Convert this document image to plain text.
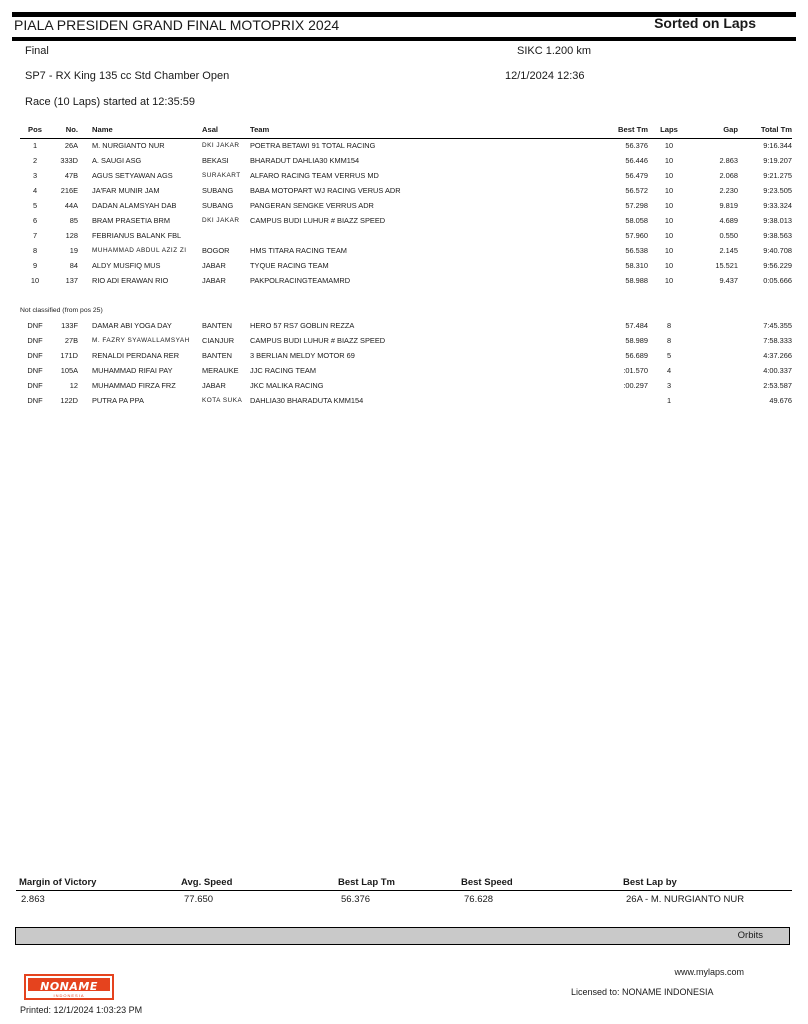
PIALA PRESIDEN GRAND FINAL MOTOPRIX 2024	Sorted on Laps
Final	SIKC 1.200 km
SP7 - RX King 135 cc Std Chamber Open	12/1/2024 12:36
Race (10 Laps) started at 12:35:59
Pos	No.	Name	Asal	Team	Best Tm	Laps	Gap	Total Tm
1	26A	M. NURGIANTO NUR	DKI JAKAR	POETRA BETAWI 91 TOTAL RACING	56.376	10		9:16.344
2	333D	A. SAUGI ASG	BEKASI	BHARADUT DAHLIA30 KMM154	56.446	10	2.863	9:19.207
3	47B	AGUS SETYAWAN AGS	SURAKART	ALFARO RACING TEAM VERRUS MD	56.479	10	2.068	9:21.275
4	216E	JA'FAR MUNIR JAM	SUBANG	BABA MOTOPART WJ RACING VERUS ADR	56.572	10	2.230	9:23.505
5	44A	DADAN ALAMSYAH DAB	SUBANG	PANGERAN SENGKE VERRUS ADR	57.298	10	9.819	9:33.324
6	85	BRAM PRASETIA BRM	DKI JAKAR	CAMPUS BUDI LUHUR # BIAZZ SPEED	58.058	10	4.689	9:38.013
7	128	FEBRIANUS BALANK FBL			57.960	10	0.550	9:38.563
8	19	MUHAMMAD ABDUL AZIZ ZI	BOGOR	HMS TITARA RACING TEAM	56.538	10	2.145	9:40.708
9	84	ALDY MUSFIQ MUS	JABAR	TYQUE RACING TEAM	58.310	10	15.521	9:56.229
10	137	RIO ADI ERAWAN RIO	JABAR	PAKPOLRACINGTEAMAMRD	58.988	10	9.437	0:05.666

Not classified (from pos 25)								
DNF	133F	DAMAR ABI YOGA DAY	BANTEN	HERO 57 RS7 GOBLIN REZZA	57.484	8		7:45.355
DNF	27B	M. FAZRY SYAWALLAMSYAH	CIANJUR	CAMPUS BUDI LUHUR # BIAZZ SPEED	58.989	8		7:58.333
DNF	171D	RENALDI PERDANA RER	BANTEN	3 BERLIAN MELDY MOTOR 69	56.689	5		4:37.266
DNF	105A	MUHAMMAD RIFAI PAY	MERAUKE	JJC RACING TEAM	:01.570	4		4:00.337
DNF	12	MUHAMMAD FIRZA FRZ	JABAR	JKC MALIKA RACING	:00.297	3		2:53.587
DNF	122D	PUTRA PA PPA	KOTA SUKA	DAHLIA30 BHARADUTA KMM154		1		49.676
Margin of Victory	Avg. Speed	Best Lap Tm	Best Speed	Best Lap by
2.863	77.650	56.376	76.628	26A - M. NURGIANTO NUR
Orbits
NONAME
INDONESIA
www.mylaps.com
Licensed to: NONAME INDONESIA
Printed: 12/1/2024 1:03:23 PM
